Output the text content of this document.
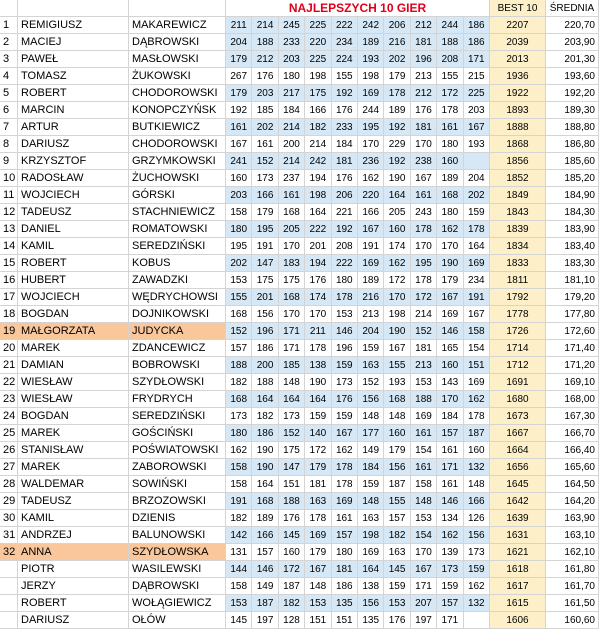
NAJLEPSZYCH 10 GIER	BEST 10	ŚREDNIA
1	REMIGIUSZ	MAKAREWICZ	211	214 245 225 222 242 206 212 244 186	2207	220,70
2	MACIEJ	DĄBROWSKI	204 188 233 220 234 189 216 181 188 186	2039	203,90
3	PAWEŁ	MASŁOWSKI	179 212 203 225 224 193 202 196 208 171	2013	201,30
4	TOMASZ	ŻUKOWSKI	267 176 180 198 155 198 179 213 155 215	1936	193,60
5	ROBERT	CHODOROWSKI	179 203 217 175 192 169 178 212 172 225	1922	192,20
6	MARCIN	KONOPCZYŃSK	192 185 184 166 176 244 189 176 178 203	1893	189,30
7	ARTUR	BUTKIEWICZ	161 202 214 182 233 195 192 181 161 167	1888	188,80
8	DARIUSZ	CHODOROWSKI	167 161 200 214 184 170 229 170 180 193	1868	186,80
9	KRZYSZTOF	GRZYMKOWSKI	241 152 214 242 181 236 192 238 160	1856	185,60
10 RADOSŁAW	ŻUCHOWSKI	160 173 237 194 176 162 190 167 189 204	1852	185,20
11 WOJCIECH	GÓRSKI	203 166 161 198 206 220 164 161 168 202	1849	184,90
12 TADEUSZ	STACHNIEWICZ	158 179 168 164 221 166 205 243 180 159	1843	184,30
13 DANIEL	ROMATOWSKI	180 195 205 222 192 167 160 178 162 178	1839	183,90
14 KAMIL	SEREDZIŃSKI	195 191 170 201 208 191 174 170 170 164	1834	183,40
15 ROBERT	KOBUS	202 147 183 194 222 169 162 195 190 169	1833	183,30
16 HUBERT	ZAWADZKI	153 175 175 176 180 189 172 178 179 234	1811	181,10
17 WOJCIECH	WĘDRYCHOWSI	155 201 168 174 178 216 170 172 167 191	1792	179,20
18 BOGDAN	DOJNIKOWSKI	168 156 170 170 153 213 198 214 169 167	1778	177,80
19 MAŁGORZATA	JUDYCKA	152 196 171	211	146 204 190 152 146 158	1726	172,60
20 MAREK	ZDANCEWICZ	157 186 171 178 196 159 167 181 165 154	1714	171,40
21 DAMIAN	BOBROWSKI	188 200 185 138 159 163 155 213 160 151	1712	171,20
22 WIESŁAW	SZYDŁOWSKI	182 188 148 190 173 152 193 153 143 169	1691	169,10
23 WIESŁAW	FRYDRYCH	168 164 164 164 176 156 168 188 170 162	1680	168,00
24 BOGDAN	SEREDZIŃSKI	173 182 173 159 159 148 148 169 184 178	1673	167,30
25 MAREK	GOŚCIŃSKI	180 186 152 140 167 177 160 161 157 187	1667	166,70
26 STANISŁAW	POŚWIATOWSKI	162 190 175 172 162 149 179 154 161 160	1664	166,40
27 MAREK	ZABOROWSKI	158 190 147 179 178 184 156 161 171 132	1656	165,60
28 WALDEMAR	SOWIŃSKI	158 164 151 181 178 159 187 158 161 148	1645	164,50
29 TADEUSZ	BRZOZOWSKI	191 168 188 163 169 148 155 148 146 166	1642	164,20
30 KAMIL	DZIENIS	182 189 176 178 161 163 157 153 134 126	1639	163,90
31 ANDRZEJ	BALUNOWSKI	142 166 145 169 157 198 182 154 162 156	1631	163,10
32 ANNA	SZYDŁOWSKA	131 157 160 179 180 169 163 170 139 173	1621	162,10
PIOTR	WASILEWSKI	144 146 172 167 181 164 145 167 173 159	1618	161,80
JERZY	DĄBROWSKI	158 149 187 148 186 138 159 171 159 162	1617	161,70
ROBERT	WOŁĄGIEWICZ	153 187 182 153 135 156 153 207 157 132	1615	161,50
DARIUSZ	OŁÓW	145 197 128 151 151 135 176 197 171	1606	160,60
